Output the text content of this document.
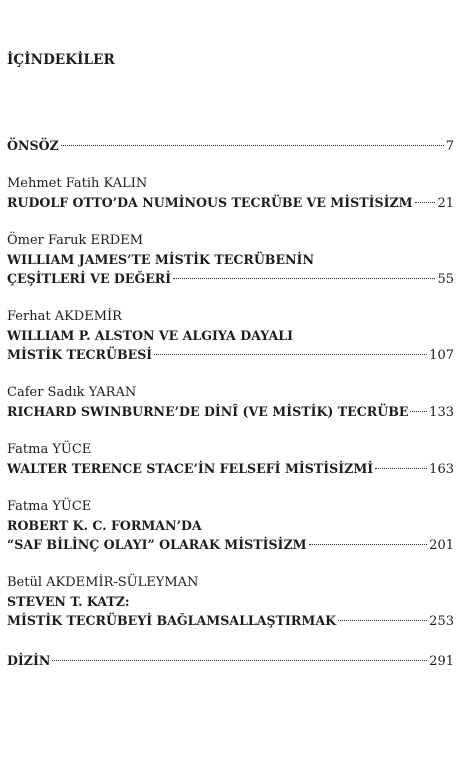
İÇİNDEKİLER
ÖNSÖZ	7
Mehmet Fatih KALIN
RUDOLF OTTO’DA NUMİNOUS TECRÜBE VE MİSTİSİZM 21
Ömer Faruk ERDEM
WILLIAM JAMES’TE MİSTİK TECRÜBENİN
ÇEŞİTLERİ VE DEĞERİ	55
Ferhat AKDEMİR
WILLIAM P. ALSTON VE ALGIYA DAYALI
MİSTİK TECRÜBESİ	107
Cafer Sadık YARAN
RICHARD SWINBURNE’DE DİNÎ (VE MİSTİK) TECRÜBE 133
Fatma YÜCE
WALTER TERENCE STACE’İN FELSEFİ MİSTİSİZMİ	163
Fatma YÜCE
ROBERT K. C. FORMAN’DA
“SAF BİLİNÇ OLAYI” OLARAK MİSTİSİZM	201
Betül AKDEMİR-SÜLEYMAN
STEVEN T. KATZ:
MİSTİK TECRÜBEYİ BAĞLAMSALLAŞTIRMAK	253
DİZİN	291
